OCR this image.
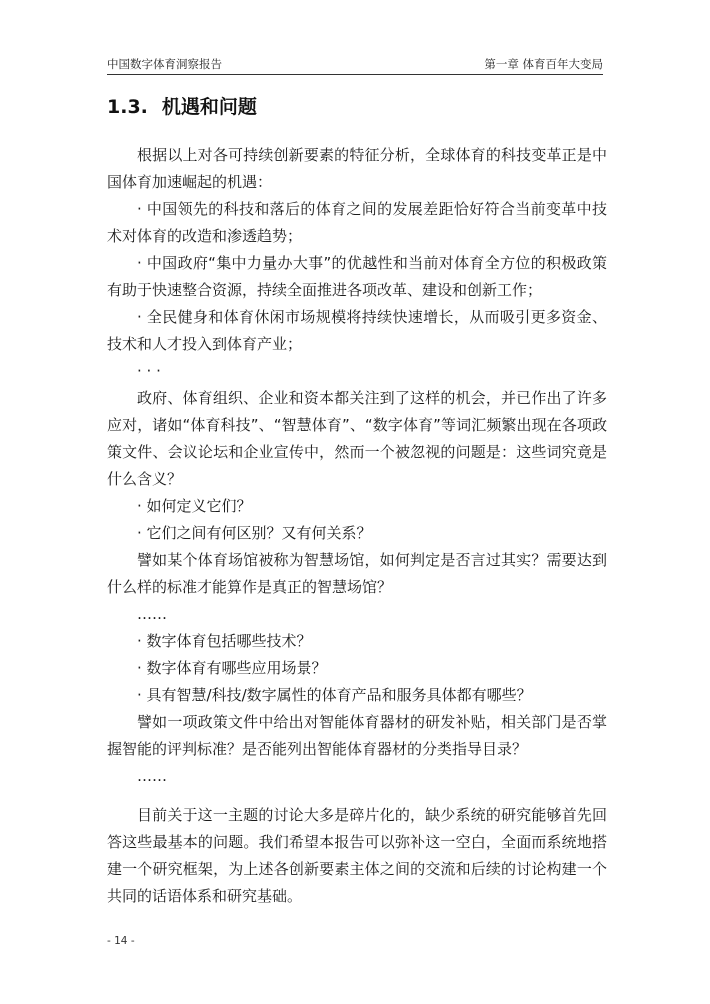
中国数字体育洞察报告	第一章 体育百年大变局
1.3. 机遇和问题

根据以上对各可持续创新要素的特征分析，全球体育的科技变革正是中国体育加速崛起的机遇：

· 中国领先的科技和落后的体育之间的发展差距恰好符合当前变革中技术对体育的改造和渗透趋势；

· 中国政府“集中力量办大事”的优越性和当前对体育全方位的积极政策有助于快速整合资源，持续全面推进各项改革、建设和创新工作；

· 全民健身和体育休闲市场规模将持续快速增长，从而吸引更多资金、技术和人才投入到体育产业；

· · ·

政府、体育组织、企业和资本都关注到了这样的机会，并已作出了许多应对，诸如“体育科技”、“智慧体育”、“数字体育”等词汇频繁出现在各项政策文件、会议论坛和企业宣传中，然而一个被忽视的问题是：这些词究竟是什么含义？

· 如何定义它们？

· 它们之间有何区别？又有何关系？

譬如某个体育场馆被称为智慧场馆，如何判定是否言过其实？需要达到什么样的标准才能算作是真正的智慧场馆？

……

· 数字体育包括哪些技术？

· 数字体育有哪些应用场景？

· 具有智慧/科技/数字属性的体育产品和服务具体都有哪些？

譬如一项政策文件中给出对智能体育器材的研发补贴，相关部门是否掌握智能的评判标准？是否能列出智能体育器材的分类指导目录？

……

目前关于这一主题的讨论大多是碎片化的，缺少系统的研究能够首先回答这些最基本的问题。我们希望本报告可以弥补这一空白，全面而系统地搭建一个研究框架，为上述各创新要素主体之间的交流和后续的讨论构建一个共同的话语体系和研究基础。

- 14 -
